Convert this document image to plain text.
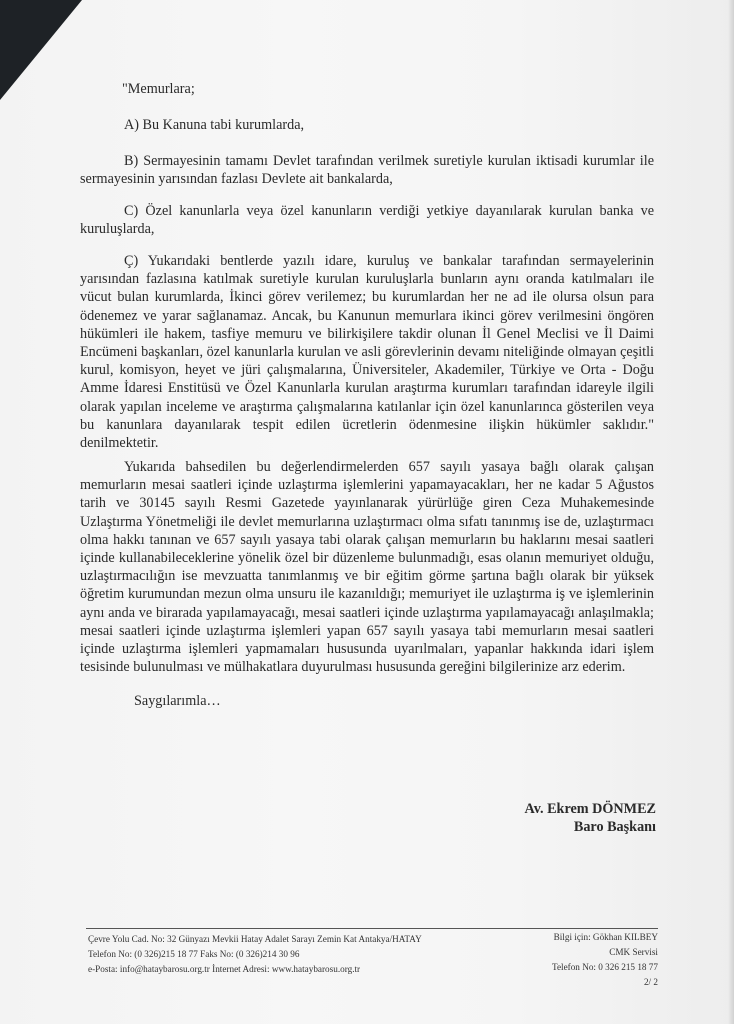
"Memurlara;

A) Bu Kanuna tabi kurumlarda,

B) Sermayesinin tamamı Devlet tarafından verilmek suretiyle kurulan iktisadi kurumlar ile sermayesinin yarısından fazlası Devlete ait bankalarda,

C) Özel kanunlarla veya özel kanunların verdiği yetkiye dayanılarak kurulan banka ve kuruluşlarda,

Ç) Yukarıdaki bentlerde yazılı idare, kuruluş ve bankalar tarafından sermayelerinin yarısından fazlasına katılmak suretiyle kurulan kuruluşlarla bunların aynı oranda katılmaları ile vücut bulan kurumlarda, İkinci görev verilemez; bu kurumlardan her ne ad ile olursa olsun para ödenemez ve yarar sağlanamaz. Ancak, bu Kanunun memurlara ikinci görev verilmesini öngören hükümleri ile hakem, tasfiye memuru ve bilirkişilere takdir olunan İl Genel Meclisi ve İl Daimi Encümeni başkanları, özel kanunlarla kurulan ve asli görevlerinin devamı niteliğinde olmayan çeşitli kurul, komisyon, heyet ve jüri çalışmalarına, Üniversiteler, Akademiler, Türkiye ve Orta - Doğu Amme İdaresi Enstitüsü ve Özel Kanunlarla kurulan araştırma kurumları tarafından idareyle ilgili olarak yapılan inceleme ve araştırma çalışmalarına katılanlar için özel kanunlarınca gösterilen veya bu kanunlara dayanılarak tespit edilen ücretlerin ödenmesine ilişkin hükümler saklıdır." denilmektetir.

Yukarıda bahsedilen bu değerlendirmelerden 657 sayılı yasaya bağlı olarak çalışan memurların mesai saatleri içinde uzlaştırma işlemlerini yapamayacakları, her ne kadar 5 Ağustos tarih ve 30145 sayılı Resmi Gazetede yayınlanarak yürürlüğe giren Ceza Muhakemesinde Uzlaştırma Yönetmeliği ile devlet memurlarına uzlaştırmacı olma sıfatı tanınmış ise de, uzlaştırmacı olma hakkı tanınan ve 657 sayılı yasaya tabi olarak çalışan memurların bu haklarını mesai saatleri içinde kullanabileceklerine yönelik özel bir düzenleme bulunmadığı, esas olanın memuriyet olduğu, uzlaştırmacılığın ise mevzuatta tanımlanmış ve bir eğitim görme şartına bağlı olarak bir yüksek öğretim kurumundan mezun olma unsuru ile kazanıldığı; memuriyet ile uzlaştırma iş ve işlemlerinin aynı anda ve birarada yapılamayacağı, mesai saatleri içinde uzlaştırma yapılamayacağı anlaşılmakla; mesai saatleri içinde uzlaştırma işlemleri yapan 657 sayılı yasaya tabi memurların mesai saatleri içinde uzlaştırma işlemleri yapmamaları hususunda uyarılmaları, yapanlar hakkında idari işlem tesisinde bulunulması ve mülhakatlara duyurulması hususunda gereğini bilgilerinize arz ederim.

Saygılarımla…
Av. Ekrem DÖNMEZ
Baro Başkanı
Çevre Yolu Cad. No: 32 Günyazı Mevkii Hatay Adalet Sarayı Zemin Kat Antakya/HATAY
Telefon No: (0 326)215 18 77 Faks No: (0 326)214 30 96
e-Posta: info@hataybarosu.org.tr İnternet Adresi: www.hataybarosu.org.tr
Bilgi için: Gökhan KILBEY
CMK Servisi
Telefon No: 0 326 215 18 77
2/ 2
